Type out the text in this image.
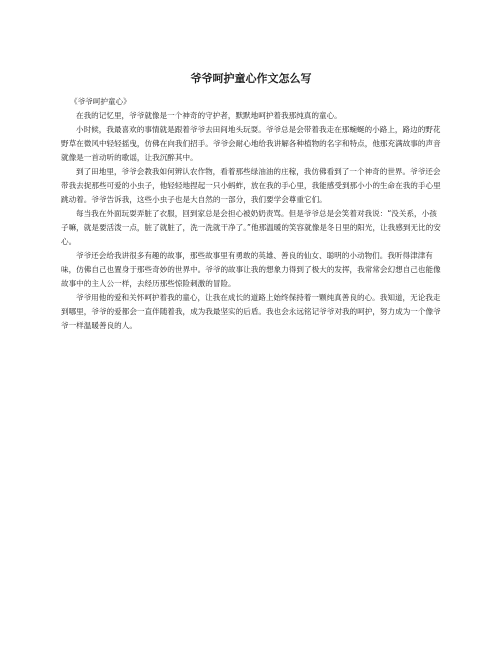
爷爷呵护童心作文怎么写

《爷爷呵护童心》

在我的记忆里，爷爷就像是一个神奇的守护者，默默地呵护着我那纯真的童心。

小时候，我最喜欢的事情就是跟着爷爷去田间地头玩耍。爷爷总是会带着我走在那蜿蜒的小路上，路边的野花野草在微风中轻轻摇曳，仿佛在向我们招手。爷爷会耐心地给我讲解各种植物的名字和特点，他那充满故事的声音就像是一首动听的歌谣，让我沉醉其中。

到了田地里，爷爷会教我如何辨认农作物，看着那些绿油油的庄稼，我仿佛看到了一个神奇的世界。爷爷还会带我去捉那些可爱的小虫子，他轻轻地捏起一只小蚂蚱，放在我的手心里，我能感受到那小小的生命在我的手心里跳动着。爷爷告诉我，这些小虫子也是大自然的一部分，我们要学会尊重它们。

每当我在外面玩耍弄脏了衣服，回到家总是会担心被奶奶责骂。但是爷爷总是会笑着对我说：“没关系，小孩子嘛，就是要活泼一点，脏了就脏了，洗一洗就干净了。”他那温暖的笑容就像是冬日里的阳光，让我感到无比的安心。

爷爷还会给我讲很多有趣的故事，那些故事里有勇敢的英雄、善良的仙女、聪明的小动物们。我听得津津有味，仿佛自己也置身于那些奇妙的世界中。爷爷的故事让我的想象力得到了极大的发挥，我常常会幻想自己也能像故事中的主人公一样，去经历那些惊险刺激的冒险。

爷爷用他的爱和关怀呵护着我的童心，让我在成长的道路上始终保持着一颗纯真善良的心。我知道，无论我走到哪里，爷爷的爱都会一直伴随着我，成为我最坚实的后盾。我也会永远铭记爷爷对我的呵护，努力成为一个像爷爷一样温暖善良的人。
